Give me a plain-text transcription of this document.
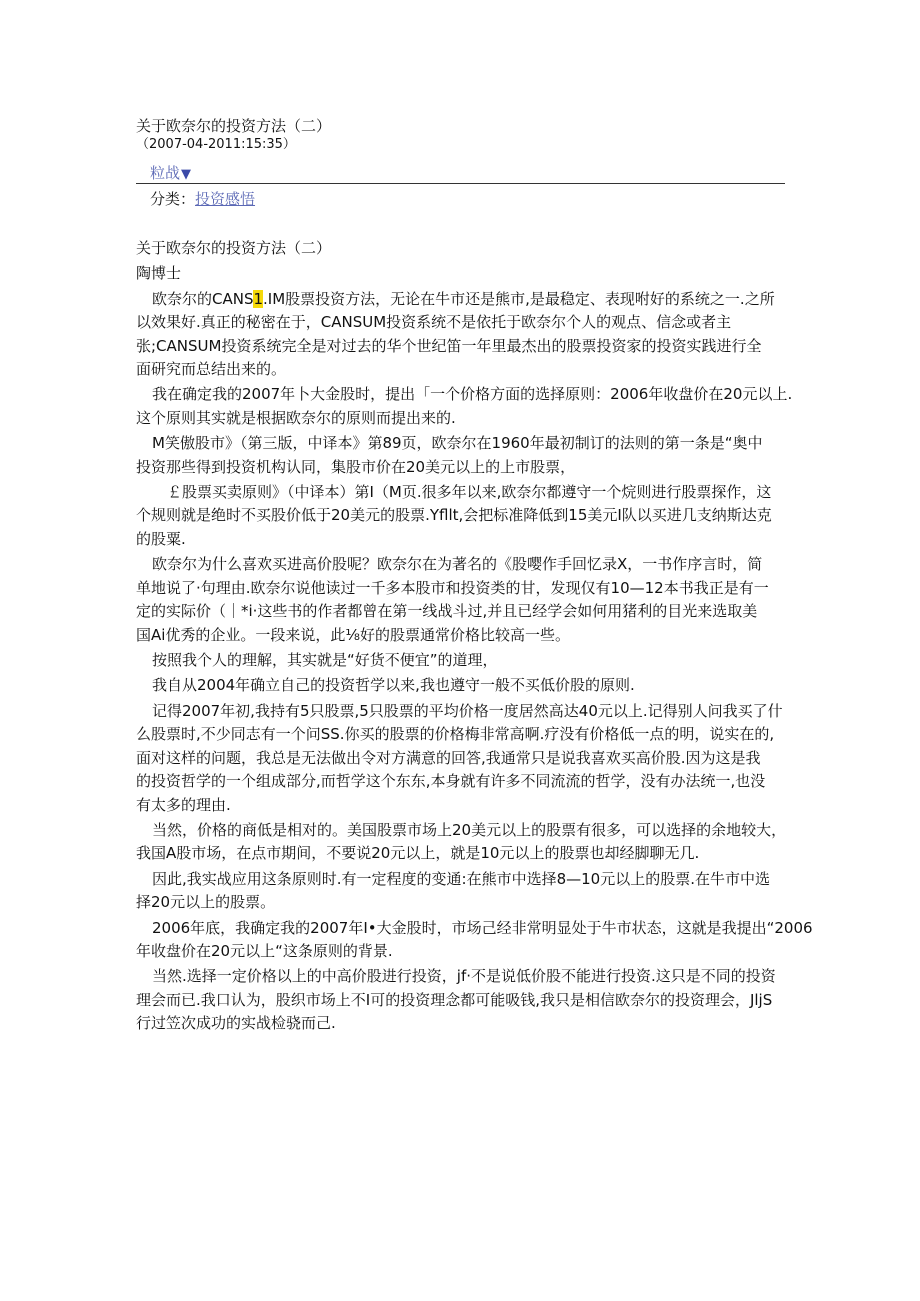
关于欧奈尔的投资方法（二）
（2007-04-2011:15:35）
粒战▼
分类：投资感悟

关于欧奈尔的投资方法（二）

陶博士

欧奈尔的CANS1.IM股票投资方法，无论在牛市还是熊市,是最稳定、表现咐好的系统之一.之所

以效果好.真正的秘密在于，CANSUM投资系统不是依托于欧奈尔个人的观点、信念或者主

张;CANSUM投资系统完全是对过去的华个世纪笛一年里最杰出的股票投资家的投资实践进行全

面研究而总结出来的。

我在确定我的2007年卜大金股时，提出「一个价格方面的选择原则：2006年收盘价在20元以上.

这个原则其实就是根据欧奈尔的原则而提出来的.

M笑傲股市》（第三版，中译本》第89页，欧奈尔在1960年最初制订的法则的第一条是“奥中

投资那些得到投资机构认同，集股市价在20美元以上的上市股票，

￡股票买卖原则》（中译本）第I（M页.很多年以来,欧奈尔都遵守一个烷则进行股票探作，这

个规则就是绝时不买股价低于20美元的股票.Yfllt,会把标准降低到15美元I队以买进几支纳斯达克

的股粟.

欧奈尔为什么喜欢买进高价股呢？欧奈尔在为著名的《股嘤作手回忆录X，一书作序言时，简

单地说了·句理由.欧奈尔说他读过一千多本股市和投资类的甘，发现仅有10—12本书我正是有一

定的实际价（｜*i·这些书的作者都曾在第一线战斗过,并且已经学会如何用猪利的目光来选取美

国Ai优秀的企业。一段来说，此⅛好的股票通常价格比较高一些。

按照我个人的理解，其实就是“好货不便宜”的道理，

我自从2004年确立自己的投资哲学以来,我也遵守一般不买低价股的原则.

记得2007年初,我持有5只股票,5只股票的平均价格一度居然高达40元以上.记得别人问我买了什

么股票时,不少同志有一个问SS.你买的股票的价格梅非常高啊.疗没有价格低一点的明，说实在的,

面对这样的问题，我总是无法做出令对方满意的回答,我通常只是说我喜欢买高价股.因为这是我

的投资哲学的一个组成部分,而哲学这个东东,本身就有许多不同流流的哲学，没有办法统一,也没

有太多的理由.

当然，价格的商低是相对的。美国股票市场上20美元以上的股票有很多，可以选择的余地较大，

我国A股市场，在点市期间，不要说20元以上，就是10元以上的股票也却经脚聊无几.

因此,我实战应用这条原则时.有一定程度的变通:在熊市中选择8—10元以上的股票.在牛市中选

择20元以上的股票。

2006年底，我确定我的2007年I•大金股时，市场己经非常明显处于牛市状态，这就是我提出“2006

年收盘价在20元以上“这条原则的背景.

当然.选择一定价格以上的中高价股进行投资，jf·不是说低价股不能进行投资.这只是不同的投资

理会而已.我口认为，股织市场上不I可的投资理念都可能吸钱,我只是相信欧奈尔的投资理会，JljS

行过笠次成功的实战检骁而己.
